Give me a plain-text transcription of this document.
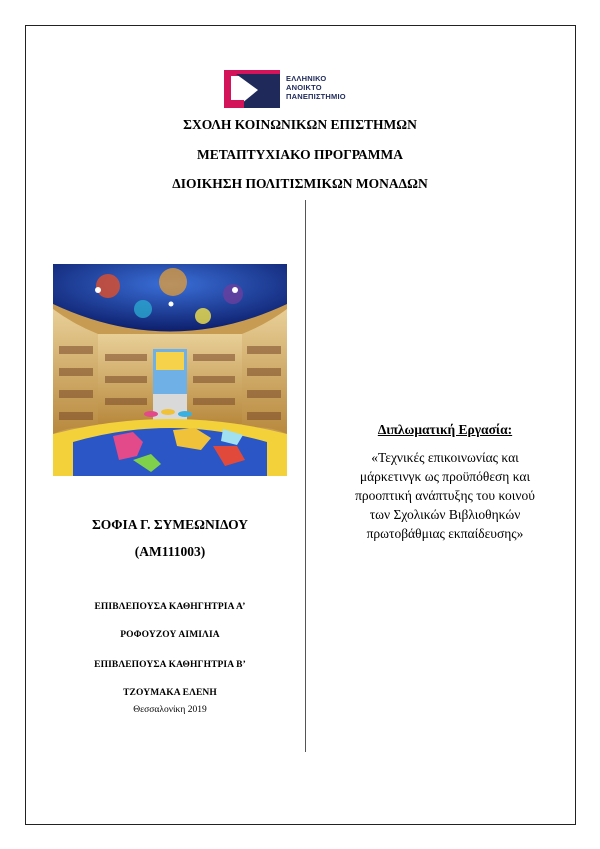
ΕΛΛΗΝΙΚΟ
ΑΝΟΙΚΤΟ
ΠΑΝΕΠΙΣΤΗΜΙΟ
ΣΧΟΛΗ ΚΟΙΝΩΝΙΚΩΝ ΕΠΙΣΤΗΜΩΝ
ΜΕΤΑΠΤΥΧΙΑΚΟ ΠΡΟΓΡΑΜΜΑ
ΔΙΟΙΚΗΣΗ ΠΟΛΙΤΙΣΜΙΚΩΝ ΜΟΝΑΔΩΝ
ΣΟΦΙΑ Γ. ΣΥΜΕΩΝΙΔΟΥ
(ΑΜ111003)
ΕΠΙΒΛΕΠΟΥΣΑ ΚΑΘΗΓΗΤΡΙΑ Α’
ΡΟΦΟΥΖΟΥ ΑΙΜΙΛΙΑ
ΕΠΙΒΛΕΠΟΥΣΑ ΚΑΘΗΓΗΤΡΙΑ Β’
ΤΖΟΥΜΑΚΑ ΕΛΕΝΗ
Θεσσαλονίκη 2019
Διπλωματική Εργασία:
«Τεχνικές επικοινωνίας και
μάρκετινγκ ως προϋπόθεση και
προοπτική ανάπτυξης του κοινού
των Σχολικών Βιβλιοθηκών
πρωτοβάθμιας εκπαίδευσης»
